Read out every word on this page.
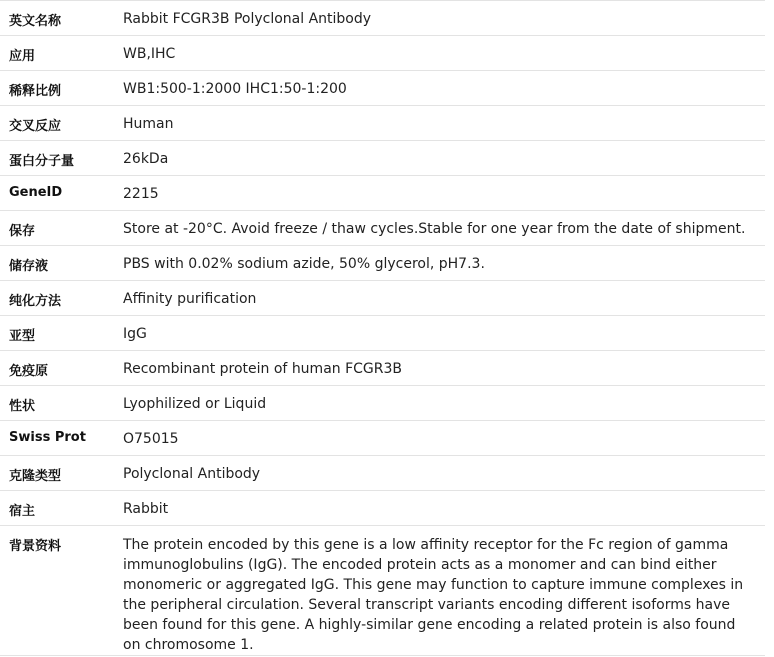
英文名称	Rabbit FCGR3B Polyclonal Antibody
应用	WB,IHC
稀释比例	WB1:500-1:2000 IHC1:50-1:200
交叉反应	Human
蛋白分子量	26kDa
GeneID	2215
保存	Store at -20°C. Avoid freeze / thaw cycles.Stable for one year from the date of shipment.
储存液	PBS with 0.02% sodium azide, 50% glycerol, pH7.3.
纯化方法	Affinity purification
亚型	IgG
免疫原	Recombinant protein of human FCGR3B
性状	Lyophilized or Liquid
Swiss Prot	O75015
克隆类型	Polyclonal Antibody
宿主	Rabbit
背景资料	The protein encoded by this gene is a low affinity receptor for the Fc region of gamma immunoglobulins (IgG). The encoded protein acts as a monomer and can bind either monomeric or aggregated IgG. This gene may function to capture immune complexes in the peripheral circulation. Several transcript variants encoding different isoforms have been found for this gene. A highly-similar gene encoding a related protein is also found on chromosome 1.
